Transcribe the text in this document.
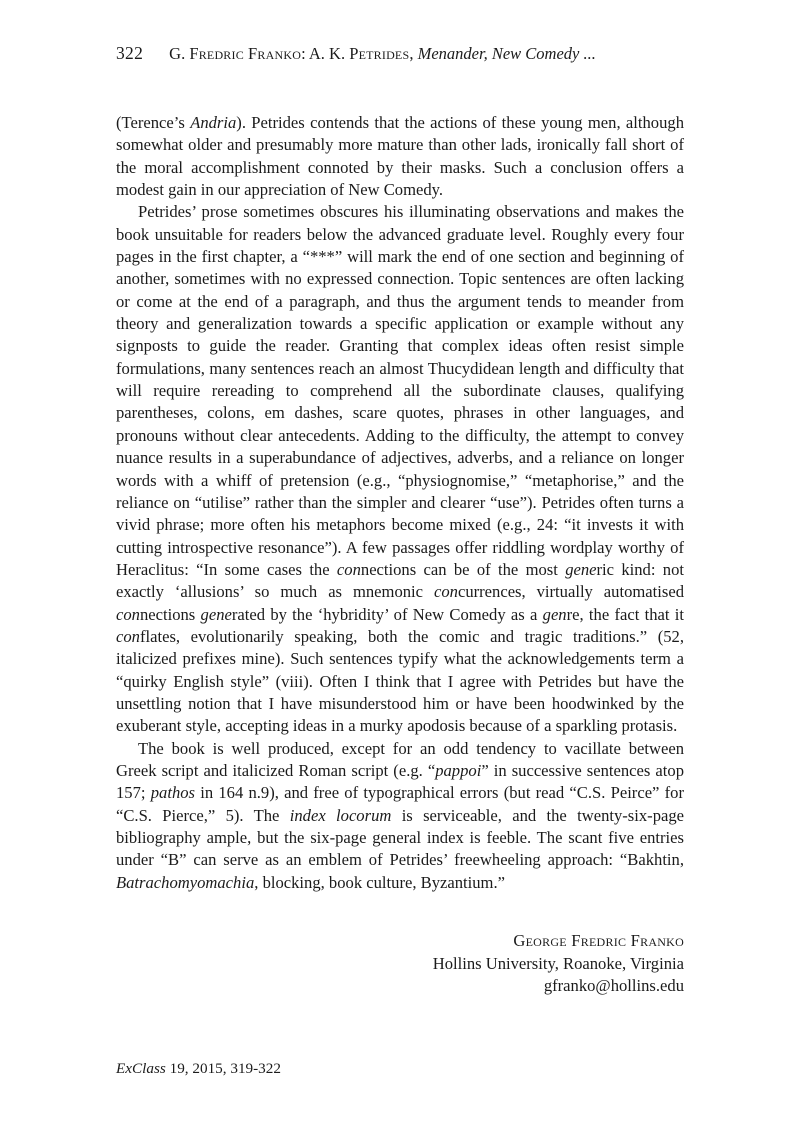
322 G. Fredric Franko: A. K. Petrides, Menander, New Comedy ...

(Terence’s Andria). Petrides contends that the actions of these young men, although somewhat older and presumably more mature than other lads, ironically fall short of the moral accomplishment connoted by their masks. Such a conclusion offers a modest gain in our appreciation of New Comedy.

Petrides’ prose sometimes obscures his illuminating observations and makes the book unsuitable for readers below the advanced graduate level. Roughly every four pages in the first chapter, a “***” will mark the end of one section and beginning of another, sometimes with no expressed connection. Topic sentences are often lacking or come at the end of a paragraph, and thus the argument tends to meander from theory and generalization towards a specific application or example without any signposts to guide the reader. Granting that complex ideas often resist simple formulations, many sentences reach an almost Thucydidean length and difficulty that will require rereading to comprehend all the subordinate clauses, qualifying parentheses, colons, em dashes, scare quotes, phrases in other languages, and pronouns without clear antecedents. Adding to the difficulty, the attempt to convey nuance results in a superabundance of adjectives, adverbs, and a reliance on longer words with a whiff of pretension (e.g., “physiognomise,” “metaphorise,” and the reliance on “utilise” rather than the simpler and clearer “use”). Petrides often turns a vivid phrase; more often his metaphors become mixed (e.g., 24: “it invests it with cutting introspective resonance”). A few passages offer riddling wordplay worthy of Heraclitus: “In some cases the connections can be of the most generic kind: not exactly ‘allusions’ so much as mnemonic concurrences, virtually automatised connections generated by the ‘hybridity’ of New Comedy as a genre, the fact that it conflates, evolutionarily speaking, both the comic and tragic traditions.” (52, italicized prefixes mine). Such sentences typify what the acknowledgements term a “quirky English style” (viii). Often I think that I agree with Petrides but have the unsettling notion that I have misunderstood him or have been hoodwinked by the exuberant style, accepting ideas in a murky apodosis because of a sparkling protasis.

The book is well produced, except for an odd tendency to vacillate between Greek script and italicized Roman script (e.g. “pappoi” in successive sentences atop 157; pathos in 164 n.9), and free of typographical errors (but read “C.S. Peirce” for “C.S. Pierce,” 5). The index locorum is serviceable, and the twenty-six-page bibliography ample, but the six-page general index is feeble. The scant five entries under “B” can serve as an emblem of Petrides’ freewheeling approach: “Bakhtin, Batrachomyomachia, blocking, book culture, Byzantium.”

George Fredric Franko
Hollins University, Roanoke, Virginia
gfranko@hollins.edu
ExClass 19, 2015, 319-322
